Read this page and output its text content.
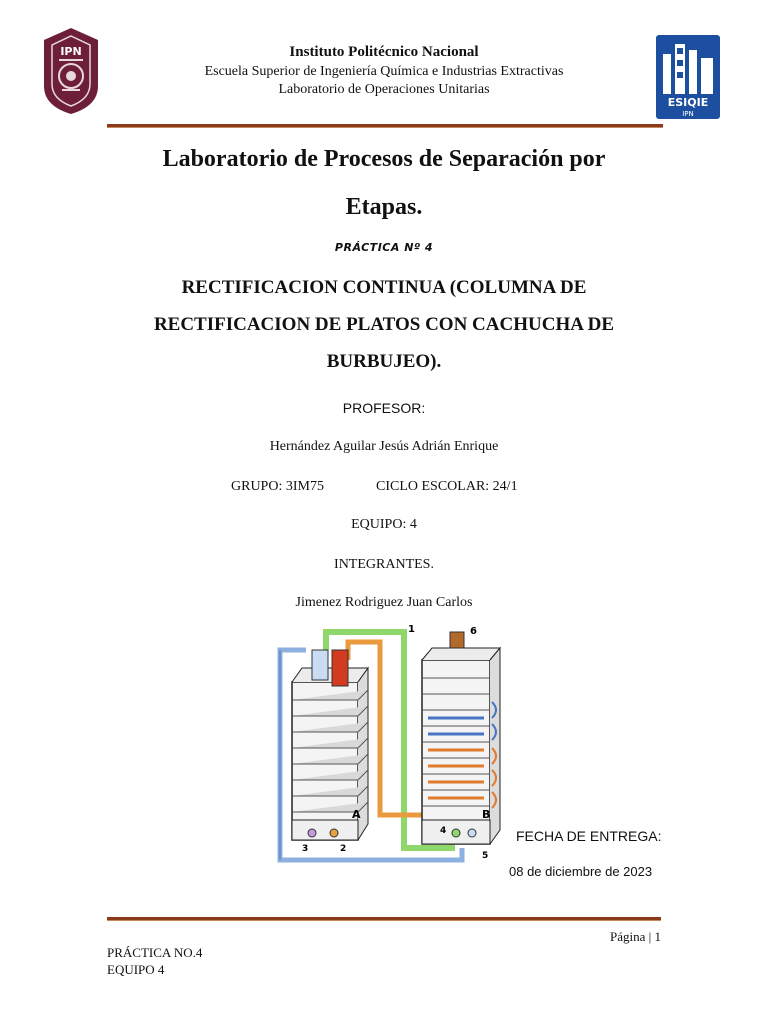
IPN
ESIQIE
IPN
Instituto Politécnico Nacional
Escuela Superior de Ingeniería Química e Industrias Extractivas
Laboratorio de Operaciones Unitarias
Laboratorio de Procesos de Separación por
Etapas.
PRÁCTICA Nº 4
RECTIFICACION CONTINUA (COLUMNA DE
RECTIFICACION DE PLATOS CON CACHUCHA DE
BURBUJEO).
PROFESOR:
Hernández Aguilar Jesús Adrián Enrique
GRUPO: 3IM75	CICLO ESCOLAR: 24/1
EQUIPO: 4
INTEGRANTES.
Jimenez Rodriguez Juan Carlos
1	6
A	B
4
3	2
5
FECHA DE ENTREGA:
08 de diciembre de 2023
Página | 1
PRÁCTICA NO.4
EQUIPO 4
